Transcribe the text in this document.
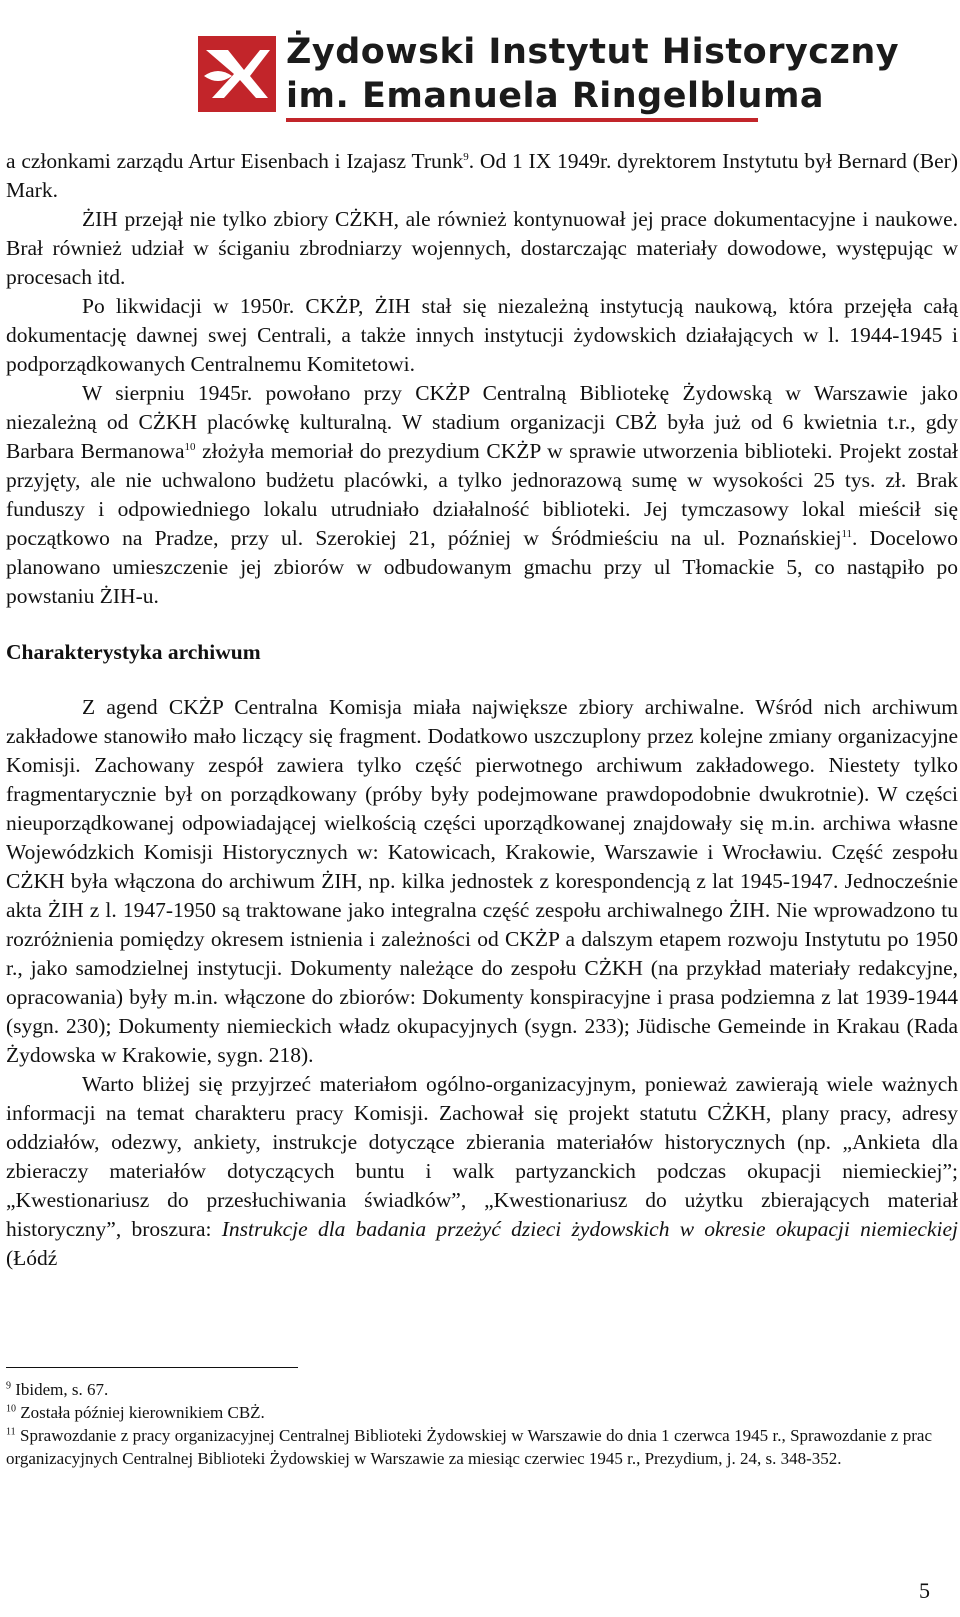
Żydowski Instytut Historyczny
im. Emanuela Ringelbluma

a członkami zarządu Artur Eisenbach i Izajasz Trunk$^9$. Od 1 IX 1949r. dyrektorem Instytutu był Bernard (Ber) Mark.

ŻIH przejął nie tylko zbiory CŻKH, ale również kontynuował jej prace dokumentacyjne i naukowe. Brał również udział w ściganiu zbrodniarzy wojennych, dostarczając materiały dowodowe, występując w procesach itd.

Po likwidacji w 1950r. CKŻP, ŻIH stał się niezależną instytucją naukową, która przejęła całą dokumentację dawnej swej Centrali, a także innych instytucji żydowskich działających w l. 1944-1945 i podporządkowanych Centralnemu Komitetowi.

W sierpniu 1945r. powołano przy CKŻP Centralną Bibliotekę Żydowską w Warszawie jako niezależną od CŻKH placówkę kulturalną. W stadium organizacji CBŻ była już od 6 kwietnia t.r., gdy Barbara Bermanowa$^{10}$ złożyła memoriał do prezydium CKŻP w sprawie utworzenia biblioteki. Projekt został przyjęty, ale nie uchwalono budżetu placówki, a tylko jednorazową sumę w wysokości 25 tys. zł. Brak funduszy i odpowiedniego lokalu utrudniało działalność biblioteki. Jej tymczasowy lokal mieścił się początkowo na Pradze, przy ul. Szerokiej 21, później w Śródmieściu na ul. Poznańskiej$^{11}$. Docelowo planowano umieszczenie jej zbiorów w odbudowanym gmachu przy ul Tłomackie 5, co nastąpiło po powstaniu ŻIH-u.

Charakterystyka archiwum

Z agend CKŻP Centralna Komisja miała największe zbiory archiwalne. Wśród nich archiwum zakładowe stanowiło mało liczący się fragment. Dodatkowo uszczuplony przez kolejne zmiany organizacyjne Komisji. Zachowany zespół zawiera tylko część pierwotnego archiwum zakładowego. Niestety tylko fragmentarycznie był on porządkowany (próby były podejmowane prawdopodobnie dwukrotnie). W części nieuporządkowanej odpowiadającej wielkością części uporządkowanej znajdowały się m.in. archiwa własne Wojewódzkich Komisji Historycznych w: Katowicach, Krakowie, Warszawie i Wrocławiu. Część zespołu CŻKH była włączona do archiwum ŻIH, np. kilka jednostek z korespondencją z lat 1945-1947. Jednocześnie akta ŻIH z l. 1947-1950 są traktowane jako integralna część zespołu archiwalnego ŻIH. Nie wprowadzono tu rozróżnienia pomiędzy okresem istnienia i zależności od CKŻP a dalszym etapem rozwoju Instytutu po 1950 r., jako samodzielnej instytucji. Dokumenty należące do zespołu CŻKH (na przykład materiały redakcyjne, opracowania) były m.in. włączone do zbiorów: Dokumenty konspiracyjne i prasa podziemna z lat 1939-1944 (sygn. 230); Dokumenty niemieckich władz okupacyjnych (sygn. 233); Jüdische Gemeinde in Krakau (Rada Żydowska w Krakowie, sygn. 218).

Warto bliżej się przyjrzeć materiałom ogólno-organizacyjnym, ponieważ zawierają wiele ważnych informacji na temat charakteru pracy Komisji. Zachował się projekt statutu CŻKH, plany pracy, adresy oddziałów, odezwy, ankiety, instrukcje dotyczące zbierania materiałów historycznych (np. „Ankieta dla zbieraczy materiałów dotyczących buntu i walk partyzanckich podczas okupacji niemieckiej”; „Kwestionariusz do przesłuchiwania świadków”, „Kwestionariusz do użytku zbierających materiał historyczny”, broszura: Instrukcje dla badania przeżyć dzieci żydowskich w okresie okupacji niemieckiej (Łódź

$^9$ Ibidem, s. 67.

$^{10}$ Została później kierownikiem CBŻ.

$^{11}$ Sprawozdanie z pracy organizacyjnej Centralnej Biblioteki Żydowskiej w Warszawie do dnia 1 czerwca 1945 r., Sprawozdanie z prac organizacyjnych Centralnej Biblioteki Żydowskiej w Warszawie za miesiąc czerwiec 1945 r., Prezydium, j. 24, s. 348-352.

5
